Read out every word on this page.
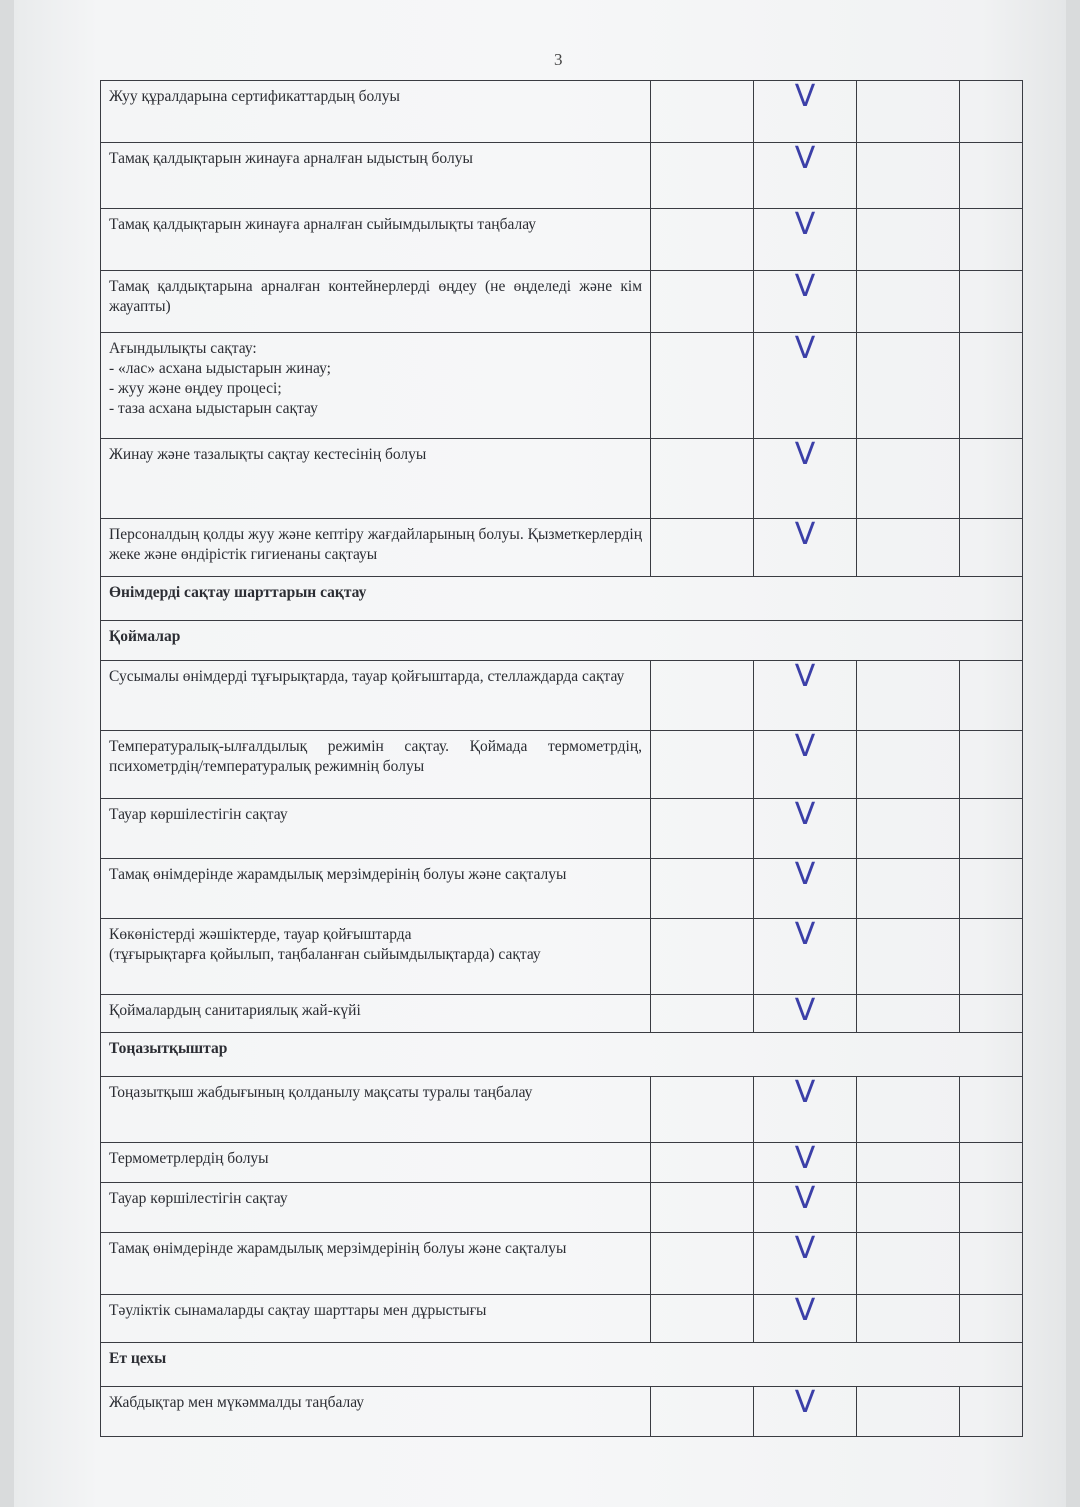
3
Жуу құралдарына сертификаттардың болуы		V		

Тамақ қалдықтарын жинауға арналған ыдыстың болуы		V		

Тамақ қалдықтарын жинауға арналған сыйымдылықты таңбалау		V		

Тамақ қалдықтарына арналған контейнерлерді өңдеу (не өңделеді және кім жауапты)		V		

Ағындылықты сақтау:
- «лас» асхана ыдыстарын жинау;
- жуу және өңдеу процесі;
- таза асхана ыдыстарын сақтау		V		

Жинау және тазалықты сақтау кестесінің болуы		V		

Персоналдың қолды жуу және кептіру жағдайларының болуы. Қызметкерлердің жеке және өндірістік гигиенаны сақтауы		V		

Өнімдерді сақтау шарттарын сақтау				

Қоймалар				

Сусымалы өнімдерді тұғырықтарда, тауар қойғыштарда, стеллаждарда сақтау		V		

Температуралық-ылғалдылық режимін сақтау. Қоймада термометрдің, психометрдің/температуралық режимнің болуы		V		

Тауар көршілестігін сақтау		V		

Тамақ өнімдерінде жарамдылық мерзімдерінің болуы және сақталуы		V		

Көкөністерді жәшіктерде, тауар қойғыштарда
(тұғырықтарға қойылып, таңбаланған сыйымдылықтарда) сақтау		V		

Қоймалардың санитариялық жай-күйі		V		

Тоңазытқыштар				

Тоңазытқыш жабдығының қолданылу мақсаты туралы таңбалау		V		

Термометрлердің болуы		V		

Тауар көршілестігін сақтау		V		

Тамақ өнімдерінде жарамдылық мерзімдерінің болуы және сақталуы		V		

Тәуліктік сынамаларды сақтау шарттары мен дұрыстығы		V		

Ет цехы				

Жабдықтар мен мүкәммалды таңбалау		V		
